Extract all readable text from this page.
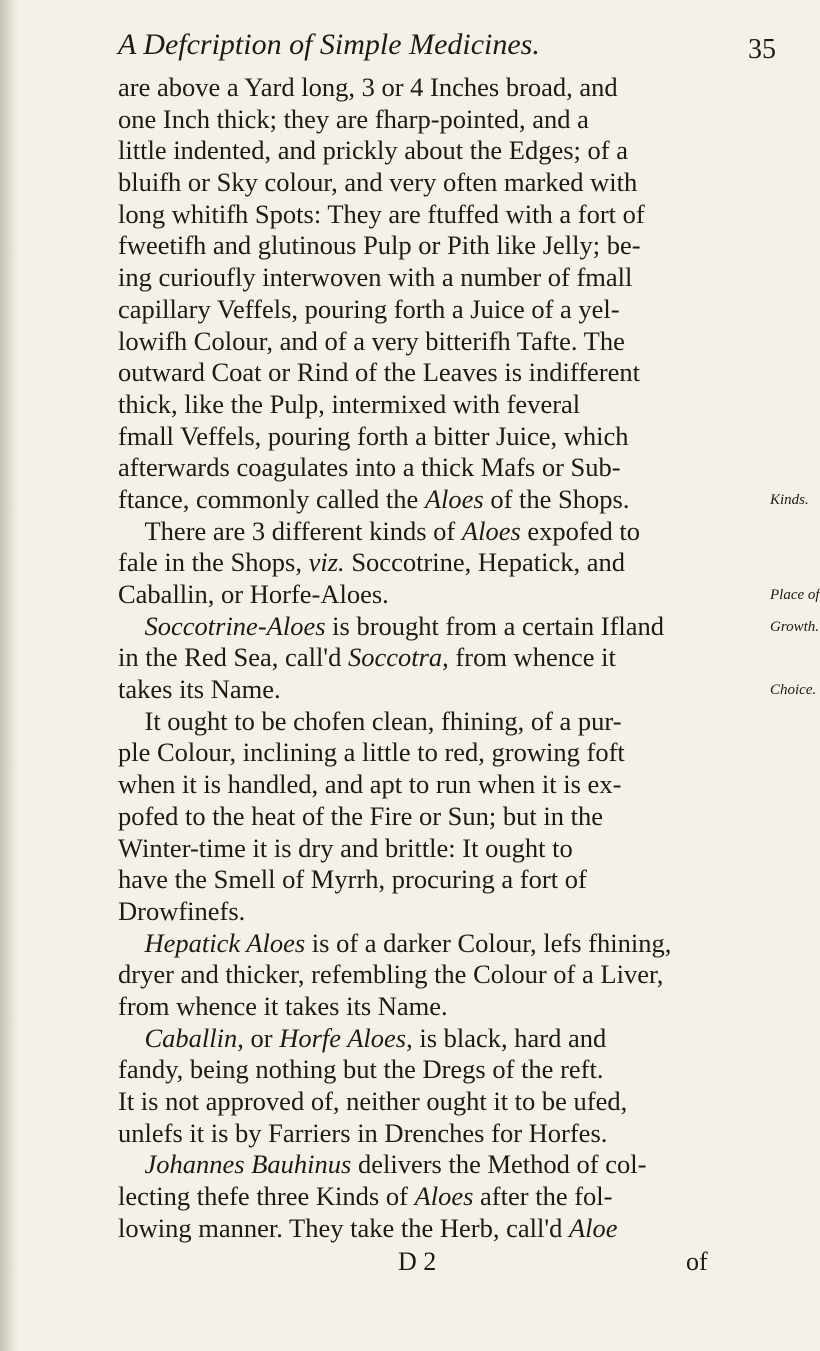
A Defcription of Simple Medicines.	35
are above a Yard long, 3 or 4 Inches broad, and
one Inch thick; they are fharp-pointed, and a
little indented, and prickly about the Edges; of a
bluifh or Sky colour, and very often marked with
long whitifh Spots: They are ftuffed with a fort of
fweetifh and glutinous Pulp or Pith like Jelly; be-
ing curioufly interwoven with a number of fmall
capillary Veffels, pouring forth a Juice of a yel-
lowifh Colour, and of a very bitterifh Tafte. The
outward Coat or Rind of the Leaves is indifferent
thick, like the Pulp, intermixed with feveral
fmall Veffels, pouring forth a bitter Juice, which
afterwards coagulates into a thick Mafs or Sub-
ftance, commonly called the Aloes of the Shops.
 There are 3 different kinds of Aloes expofed to
fale in the Shops, viz. Soccotrine, Hepatick, and
Caballin, or Horfe-Aloes.
 Soccotrine-Aloes is brought from a certain Ifland
in the Red Sea, call'd Soccotra, from whence it
takes its Name.
 It ought to be chofen clean, fhining, of a pur-
ple Colour, inclining a little to red, growing foft
when it is handled, and apt to run when it is ex-
pofed to the heat of the Fire or Sun; but in the
Winter-time it is dry and brittle: It ought to
have the Smell of Myrrh, procuring a fort of
Drowfinefs.
 Hepatick Aloes is of a darker Colour, lefs fhining,
dryer and thicker, refembling the Colour of a Liver,
from whence it takes its Name.
 Caballin, or Horfe Aloes, is black, hard and
fandy, being nothing but the Dregs of the reft.
It is not approved of, neither ought it to be ufed,
unlefs it is by Farriers in Drenches for Horfes.
 Johannes Bauhinus delivers the Method of col-
lecting thefe three Kinds of Aloes after the fol-
lowing manner. They take the Herb, call'd Aloe
Kinds.
Place of
Growth.
Choice.
D 2	of
